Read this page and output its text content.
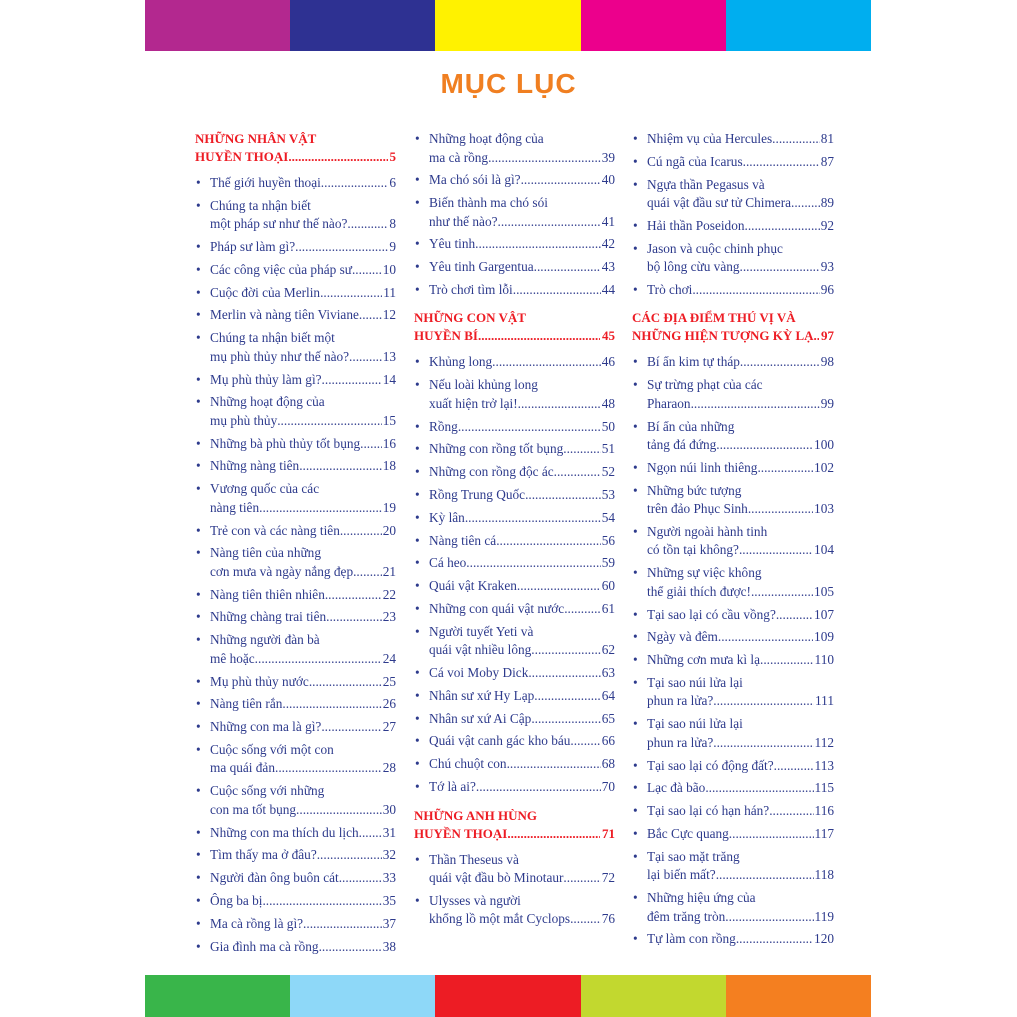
MỤC LỤC
NHỮNG NHÂN VẬT
HUYỀN THOẠI .....	5
• Thế giới huyền thoại .....	6
• Chúng ta nhận biết
một pháp sư như thế nào? .....	8
• Pháp sư làm gì? .....	9
• Các công việc của pháp sư ..... 10
• Cuộc đời của Merlin .....	11
• Merlin và nàng tiên Viviane ..... 12
• Chúng ta nhận biết một
mụ phù thủy như thế nào? .....	13
• Mụ phù thủy làm gì? .....	14
• Những hoạt động của
mụ phù thủy .....	15
• Những bà phù thủy tốt bụng ..... 16
• Những nàng tiên .....	18
• Vương quốc của các
nàng tiên .....	19
• Trẻ con và các nàng tiên .....	20
• Nàng tiên của những
cơn mưa và ngày nắng đẹp ..... 21
• Nàng tiên thiên nhiên .....	22
• Những chàng trai tiên .....	23
• Những người đàn bà
mê hoặc .....	24
• Mụ phù thủy nước .....	25
• Nàng tiên rắn .....	26
• Những con ma là gì? .....	27
• Cuộc sống với một con
ma quái đản .....	28
• Cuộc sống với những
con ma tốt bụng .....	30
• Những con ma thích du lịch ..... 31
• Tìm thấy ma ở đâu? .....	32
• Người đàn ông buôn cát .....	33
• Ông ba bị .....	35
• Ma cà rồng là gì? .....	37
• Gia đình ma cà rồng .....	38
• Những hoạt động của
ma cà rồng .....	39
• Ma chó sói là gì? .....	40
• Biến thành ma chó sói
như thế nào? .....	41
• Yêu tinh .....	42
• Yêu tinh Gargentua .....	43
• Trò chơi tìm lỗi .....	44
NHỮNG CON VẬT
HUYỀN BÍ .....	45
• Khủng long .....	46
• Nếu loài khủng long
xuất hiện trở lại! .....	48
• Rồng .....	50
• Những con rồng tốt bụng .....	51
• Những con rồng độc ác .....	52
• Rồng Trung Quốc .....	53
• Kỳ lân .....	54
• Nàng tiên cá .....	56
• Cá heo .....	59
• Quái vật Kraken .....	60
• Những con quái vật nước .....	61
• Người tuyết Yeti và
quái vật nhiều lông .....	62
• Cá voi Moby Dick .....	63
• Nhân sư xứ Hy Lạp .....	64
• Nhân sư xứ Ai Cập .....	65
• Quái vật canh gác kho báu ..... 66
• Chú chuột con .....	68
• Tớ là ai? .....	70
NHỮNG ANH HÙNG
HUYỀN THOẠI .....	71
• Thần Theseus và
quái vật đầu bò Minotaur .....	72
• Ulysses và người
khổng lồ một mắt Cyclops ..... 76
• Nhiệm vụ của Hercules .....	81
• Cú ngã của Icarus .....	87
• Ngựa thần Pegasus và
quái vật đầu sư tử Chimera ..... 89
• Hải thần Poseidon .....	92
• Jason và cuộc chinh phục
bộ lông cừu vàng .....	93
• Trò chơi .....	96
CÁC ĐỊA ĐIỂM THÚ VỊ VÀ
NHỮNG HIỆN TƯỢNG KỲ LẠ ..... 97
• Bí ẩn kim tự tháp .....	98
• Sự trừng phạt của các
Pharaon .....	99
• Bí ẩn của những
tảng đá đứng .....	100
• Ngọn núi linh thiêng .....	102
• Những bức tượng
trên đảo Phục Sinh .....	103
• Người ngoài hành tinh
có tồn tại không? .....	104
• Những sự việc không
thể giải thích được! .....	105
• Tại sao lại có cầu vồng? .....	107
• Ngày và đêm .....	109
• Những cơn mưa kì lạ .....	110
• Tại sao núi lửa lại
phun ra lửa? .....	111
• Tại sao núi lửa lại
phun ra lửa? .....	112
• Tại sao lại có động đất? .....	113
• Lạc đà bão .....	115
• Tại sao lại có hạn hán? .....	116
• Bắc Cực quang .....	117
• Tại sao mặt trăng
lại biến mất? .....	118
• Những hiệu ứng của
đêm trăng tròn .....	119
• Tự làm con rồng .....	120
